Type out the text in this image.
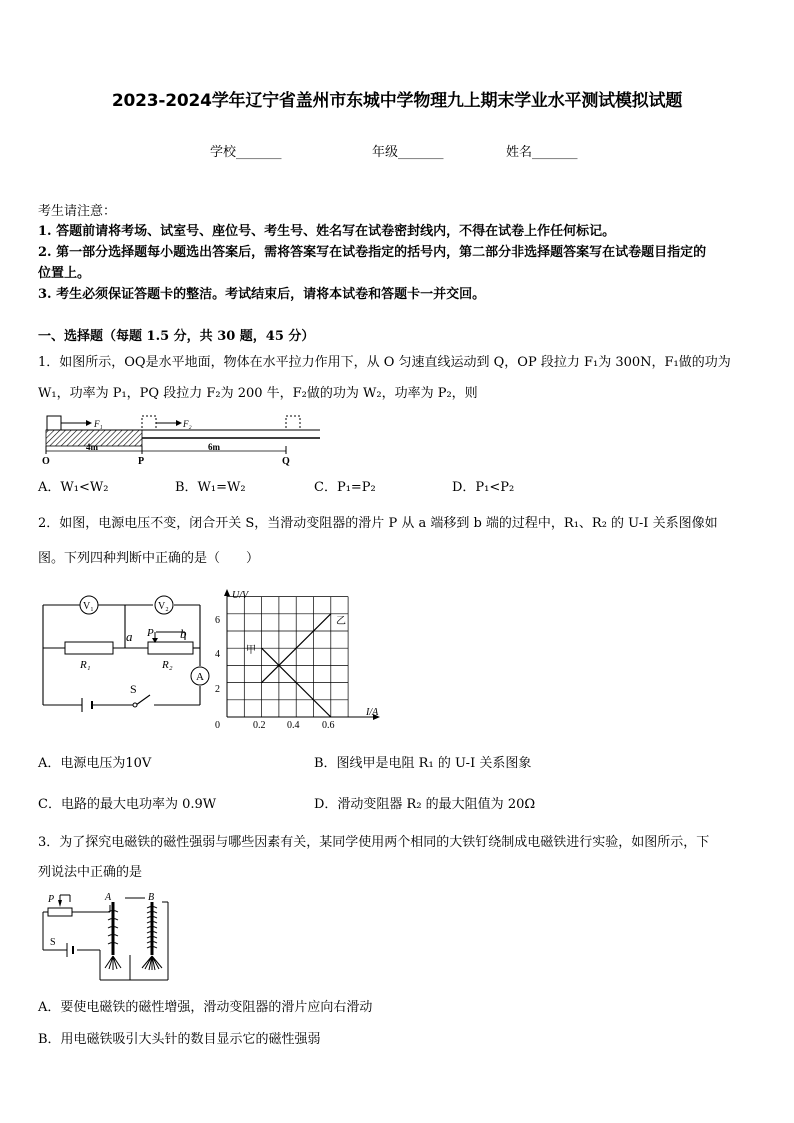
2023-2024学年辽宁省盖州市东城中学物理九上期末学业水平测试模拟试题
学校_______	年级_______	姓名_______
考生请注意：
1. 答题前请将考场、试室号、座位号、考生号、姓名写在试卷密封线内，不得在试卷上作任何标记。
2. 第一部分选择题每小题选出答案后，需将答案写在试卷指定的括号内，第二部分非选择题答案写在试卷题目指定的
位置上。
3. 考生必须保证答题卡的整洁。考试结束后，请将本试卷和答题卡一并交回。
一、选择题（每题 1.5 分，共 30 题，45 分）
1．如图所示，OQ是水平地面，物体在水平拉力作用下，从 O 匀速直线运动到 Q，OP 段拉力 F₁为 300N，F₁做的功为
W₁，功率为 P₁，PQ 段拉力 F₂为 200 牛，F₂做的功为 W₂，功率为 P₂，则
F₁	F₂
4m	6m
O	P	Q
A．W₁<W₂	B．W₁=W₂	C．P₁=P₂	D．P₁<P₂
2．如图，电源电压不变，闭合开关 S，当滑动变阻器的滑片 P 从 a 端移到 b 端的过程中，R₁、R₂ 的 U-I 关系图像如
图。下列四种判断中正确的是（　　）
V₁	V₂
R₁	R₂
P
a	b
A
S
U/V
I/A
0
2
4
6
0.2 0.4 0.6
甲
乙
A．电源电压为10V	B．图线甲是电阻 R₁ 的 U-I 关系图象
C．电路的最大电功率为 0.9W	D．滑动变阻器 R₂ 的最大阻值为 20Ω
3．为了探究电磁铁的磁性强弱与哪些因素有关，某同学使用两个相同的大铁钉绕制成电磁铁进行实验，如图所示，下
列说法中正确的是
P
S
A	B
A．要使电磁铁的磁性增强，滑动变阻器的滑片应向右滑动
B．用电磁铁吸引大头针的数目显示它的磁性强弱
